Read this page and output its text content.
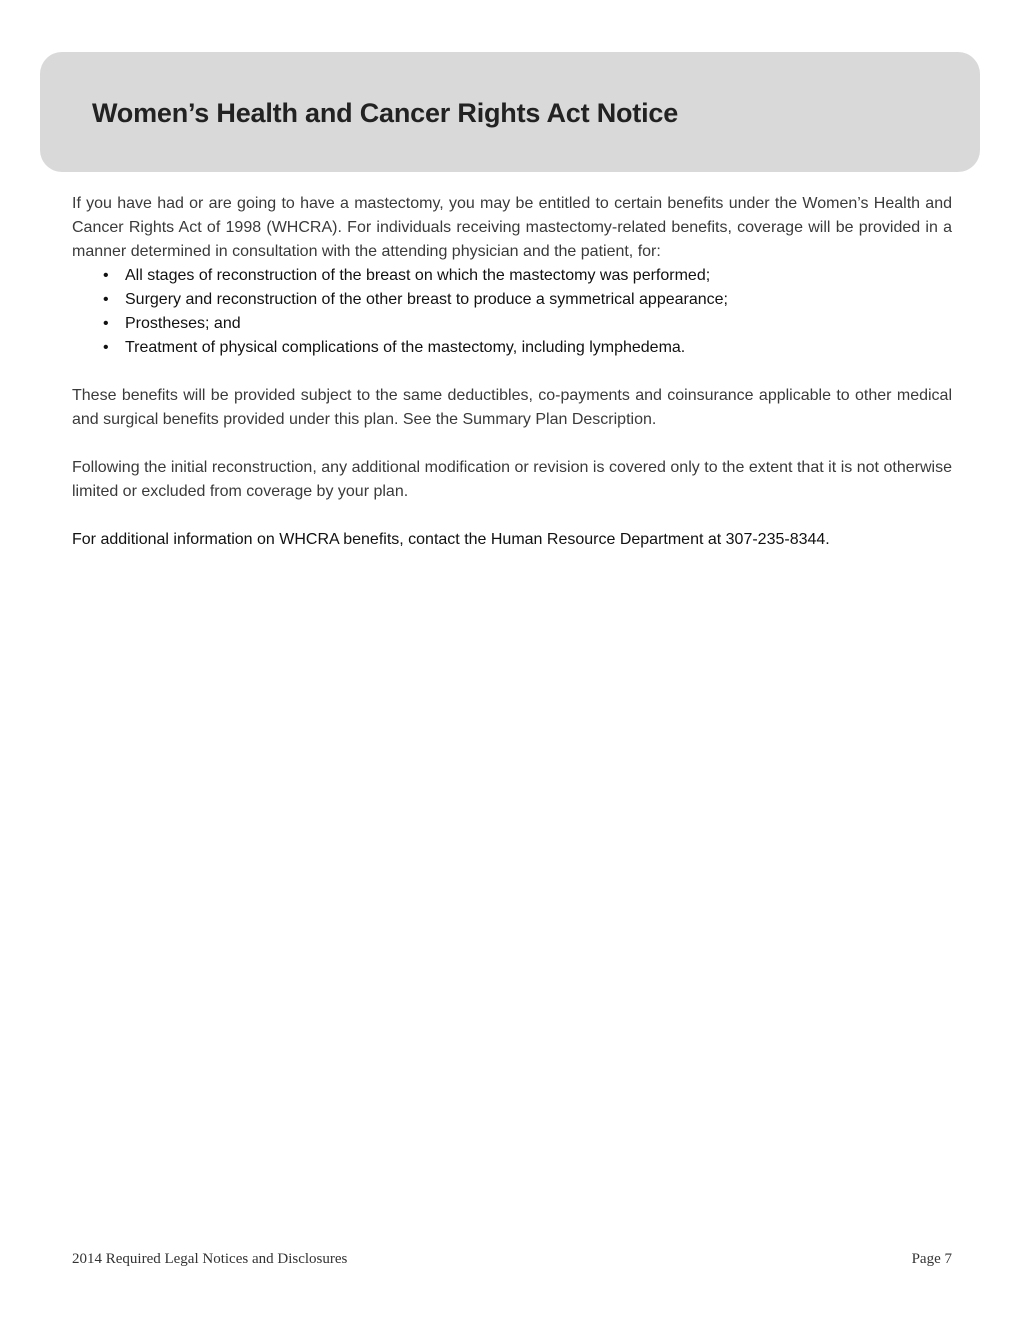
Women’s Health and Cancer Rights Act Notice

If you have had or are going to have a mastectomy, you may be entitled to certain benefits under the Women’s Health and Cancer Rights Act of 1998 (WHCRA). For individuals receiving mastectomy-related benefits, coverage will be provided in a manner determined in consultation with the attending physician and the patient, for:

• All stages of reconstruction of the breast on which the mastectomy was performed;
• Surgery and reconstruction of the other breast to produce a symmetrical appearance;
• Prostheses; and
• Treatment of physical complications of the mastectomy, including lymphedema.

These benefits will be provided subject to the same deductibles, co-payments and coinsurance applicable to other medical and surgical benefits provided under this plan. See the Summary Plan Description.

Following the initial reconstruction, any additional modification or revision is covered only to the extent that it is not otherwise limited or excluded from coverage by your plan.

For additional information on WHCRA benefits, contact the Human Resource Department at 307-235-8344.

2014 Required Legal Notices and Disclosures	Page 7
